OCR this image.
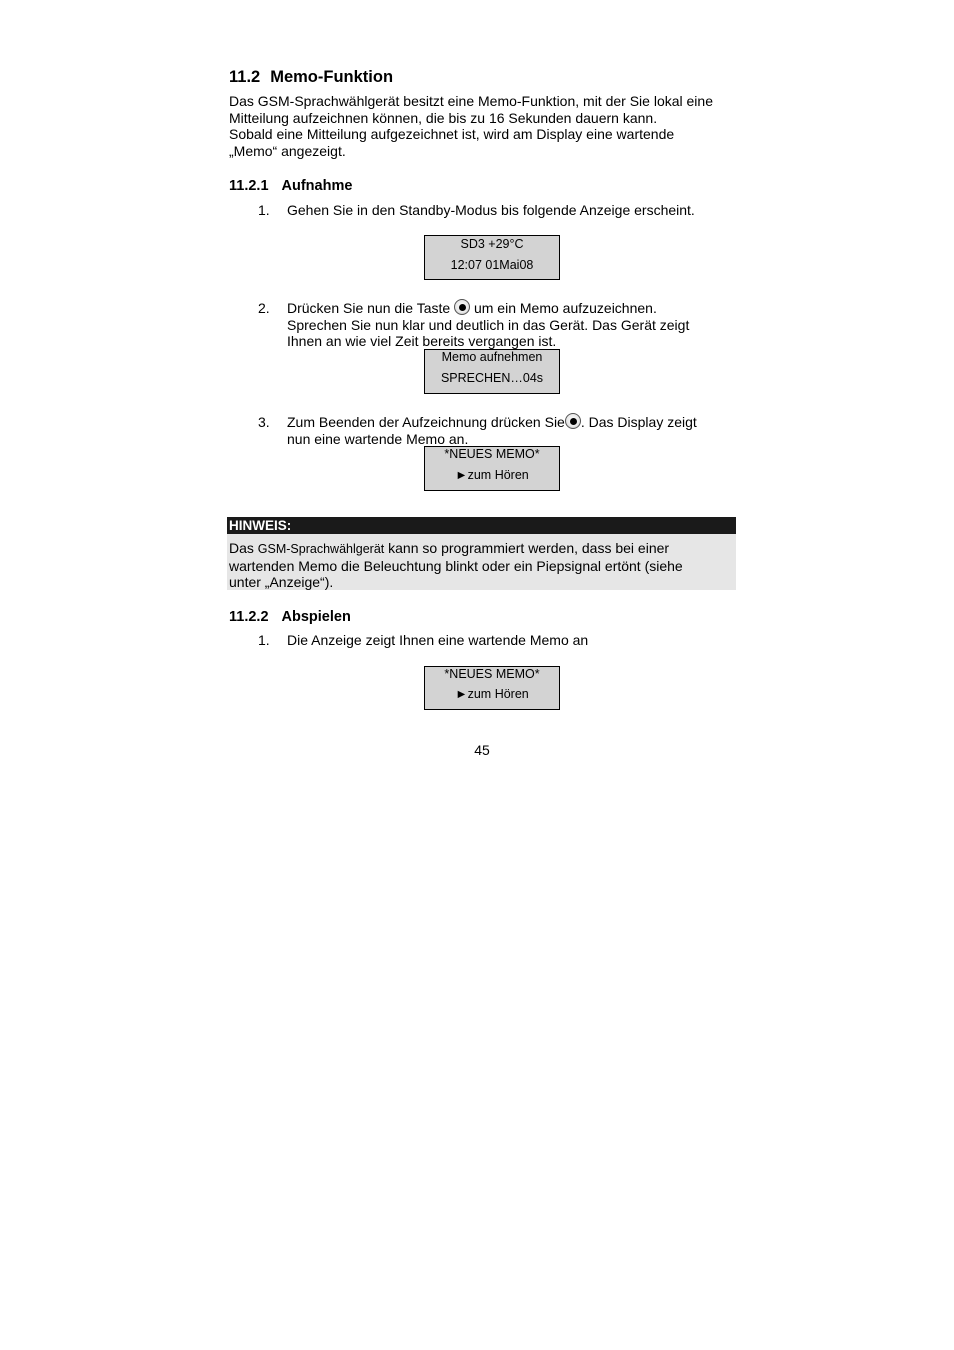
11.2 Memo-Funktion
Das GSM-Sprachwählgerät besitzt eine Memo-Funktion, mit der Sie lokal eine
Mitteilung aufzeichnen können, die bis zu 16 Sekunden dauern kann.
Sobald eine Mitteilung aufgezeichnet ist, wird am Display eine wartende
„Memo“ angezeigt.
11.2.1 Aufnahme
1. Gehen Sie in den Standby-Modus bis folgende Anzeige erscheint.
SD3 +29°C
12:07 01Mai08
2. Drücken Sie nun die Taste  um ein Memo aufzuzeichnen.
Sprechen Sie nun klar und deutlich in das Gerät. Das Gerät zeigt
Ihnen an wie viel Zeit bereits vergangen ist.
Memo aufnehmen
SPRECHEN…04s
3. Zum Beenden der Aufzeichnung drücken Sie . Das Display zeigt
nun eine wartende Memo an.
*NEUES MEMO*
►zum Hören
HINWEIS:
Das GSM-Sprachwählgerät kann so programmiert werden, dass bei einer
wartenden Memo die Beleuchtung blinkt oder ein Piepsignal ertönt (siehe
unter „Anzeige“).
11.2.2 Abspielen
1. Die Anzeige zeigt Ihnen eine wartende Memo an
*NEUES MEMO*
►zum Hören
45
